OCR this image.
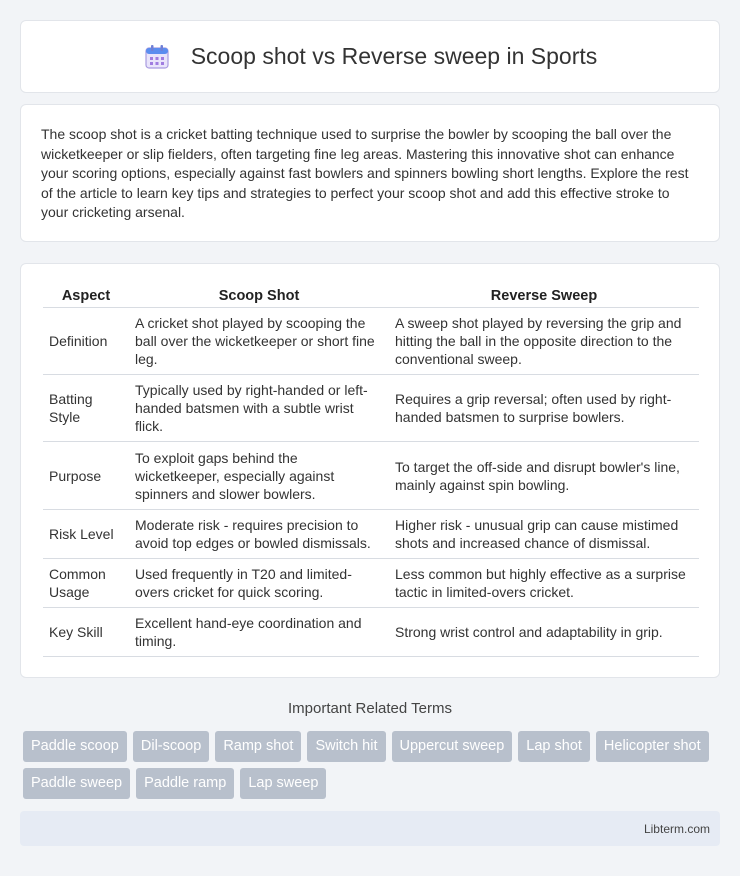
Scoop shot vs Reverse sweep in Sports

The scoop shot is a cricket batting technique used to surprise the bowler by scooping the ball over the wicketkeeper or slip fielders, often targeting fine leg areas. Mastering this innovative shot can enhance your scoring options, especially against fast bowlers and spinners bowling short lengths. Explore the rest of the article to learn key tips and strategies to perfect your scoop shot and add this effective stroke to your cricketing arsenal.

Aspect	Scoop Shot	Reverse Sweep
Definition	A cricket shot played by scooping the ball over the wicketkeeper or short fine leg.	A sweep shot played by reversing the grip and hitting the ball in the opposite direction to the conventional sweep.
Batting Style	Typically used by right-handed or left-handed batsmen with a subtle wrist flick.	Requires a grip reversal; often used by right-handed batsmen to surprise bowlers.
Purpose	To exploit gaps behind the wicketkeeper, especially against spinners and slower bowlers.	To target the off-side and disrupt bowler's line, mainly against spin bowling.
Risk Level	Moderate risk - requires precision to avoid top edges or bowled dismissals.	Higher risk - unusual grip can cause mistimed shots and increased chance of dismissal.
Common Usage	Used frequently in T20 and limited-overs cricket for quick scoring.	Less common but highly effective as a surprise tactic in limited-overs cricket.
Key Skill	Excellent hand-eye coordination and timing.	Strong wrist control and adaptability in grip.
Important Related Terms
Paddle scoop	Dil-scoop	Ramp shot	Switch hit	Uppercut sweep	Lap shot	Helicopter shot
Paddle sweep	Paddle ramp	Lap sweep
Libterm.com
